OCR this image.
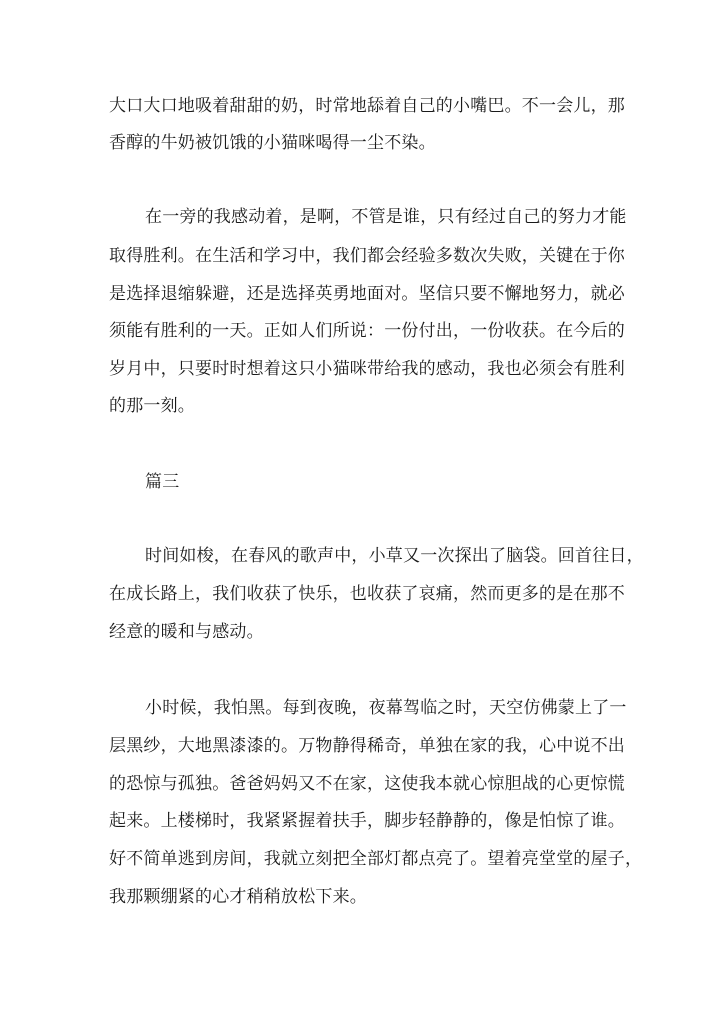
大口大口地吸着甜甜的奶，时常地舔着自己的小嘴巴。不一会儿，那
香醇的牛奶被饥饿的小猫咪喝得一尘不染。
在一旁的我感动着，是啊，不管是谁，只有经过自己的努力才能
取得胜利。在生活和学习中，我们都会经验多数次失败，关键在于你
是选择退缩躲避，还是选择英勇地面对。坚信只要不懈地努力，就必
须能有胜利的一天。正如人们所说：一份付出，一份收获。在今后的
岁月中，只要时时想着这只小猫咪带给我的感动，我也必须会有胜利
的那一刻。
篇三
时间如梭，在春风的歌声中，小草又一次探出了脑袋。回首往日，
在成长路上，我们收获了快乐，也收获了哀痛，然而更多的是在那不
经意的暖和与感动。
小时候，我怕黑。每到夜晚，夜幕驾临之时，天空仿佛蒙上了一
层黑纱，大地黑漆漆的。万物静得稀奇，单独在家的我，心中说不出
的恐惊与孤独。爸爸妈妈又不在家，这使我本就心惊胆战的心更惊慌
起来。上楼梯时，我紧紧握着扶手，脚步轻静静的，像是怕惊了谁。
好不简单逃到房间，我就立刻把全部灯都点亮了。望着亮堂堂的屋子，
我那颗绷紧的心才稍稍放松下来。
